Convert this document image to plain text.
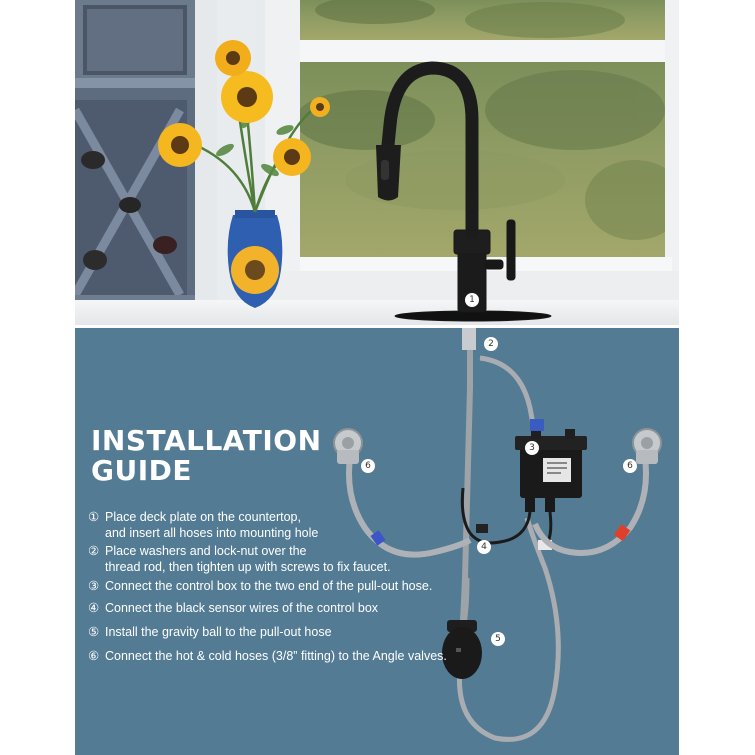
1
INSTALLATION
GUIDE
① Place deck plate on the countertop,
and insert all hoses into mounting hole
② Place washers and lock-nut over the
thread rod, then tighten up with screws to fix faucet.
③ Connect the control box to the two end of the pull-out hose.
④ Connect the black sensor wires of the control box
⑤ Install the gravity ball to the pull-out hose
⑥ Connect the hot & cold hoses (3/8” fitting) to the Angle valves.
2
3
4
5
6	6
